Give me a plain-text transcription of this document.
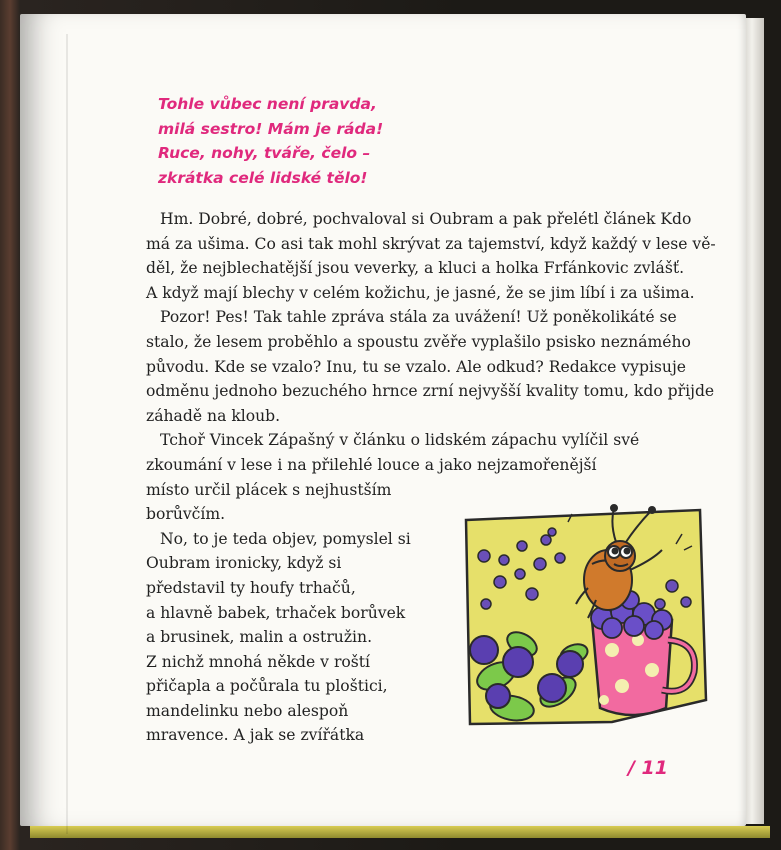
Tohle vůbec není pravda,
milá sestro! Mám je ráda!
Ruce, nohy, tváře, čelo –
zkrátka celé lidské tělo!
Hm. Dobré, dobré, pochvaloval si Oubram a pak přelétl článek Kdo
má za ušima. Co asi tak mohl skrývat za tajemství, když každý v lese vě-
děl, že nejblechatější jsou veverky, a kluci a holka Frfánkovic zvlášť.
A když mají blechy v celém kožichu, je jasné, že se jim líbí i za ušima.
Pozor! Pes! Tak tahle zpráva stála za uvážení! Už poněkolikáté se
stalo, že lesem proběhlo a spoustu zvěře vyplašilo psisko neznámého
původu. Kde se vzalo? Inu, tu se vzalo. Ale odkud? Redakce vypisuje
odměnu jednoho bezuchého hrnce zrní nejvyšší kvality tomu, kdo přijde
záhadě na kloub.
Tchoř Vincek Zápašný v článku o lidském zápachu vylíčil své
zkoumání v lese i na přilehlé louce a jako nejzamořenější
místo určil plácek s nejhustším
borůvčím.
No, to je teda objev, pomyslel si
Oubram ironicky, když si
představil ty houfy trhačů,
a hlavně babek, trhaček borůvek
a brusinek, malin a ostružin.
Z nichž mnohá někde v roští
přičapla a počůrala tu ploštici,
mandelinku nebo alespoň
mravence. A jak se zvířátka
/ 11
